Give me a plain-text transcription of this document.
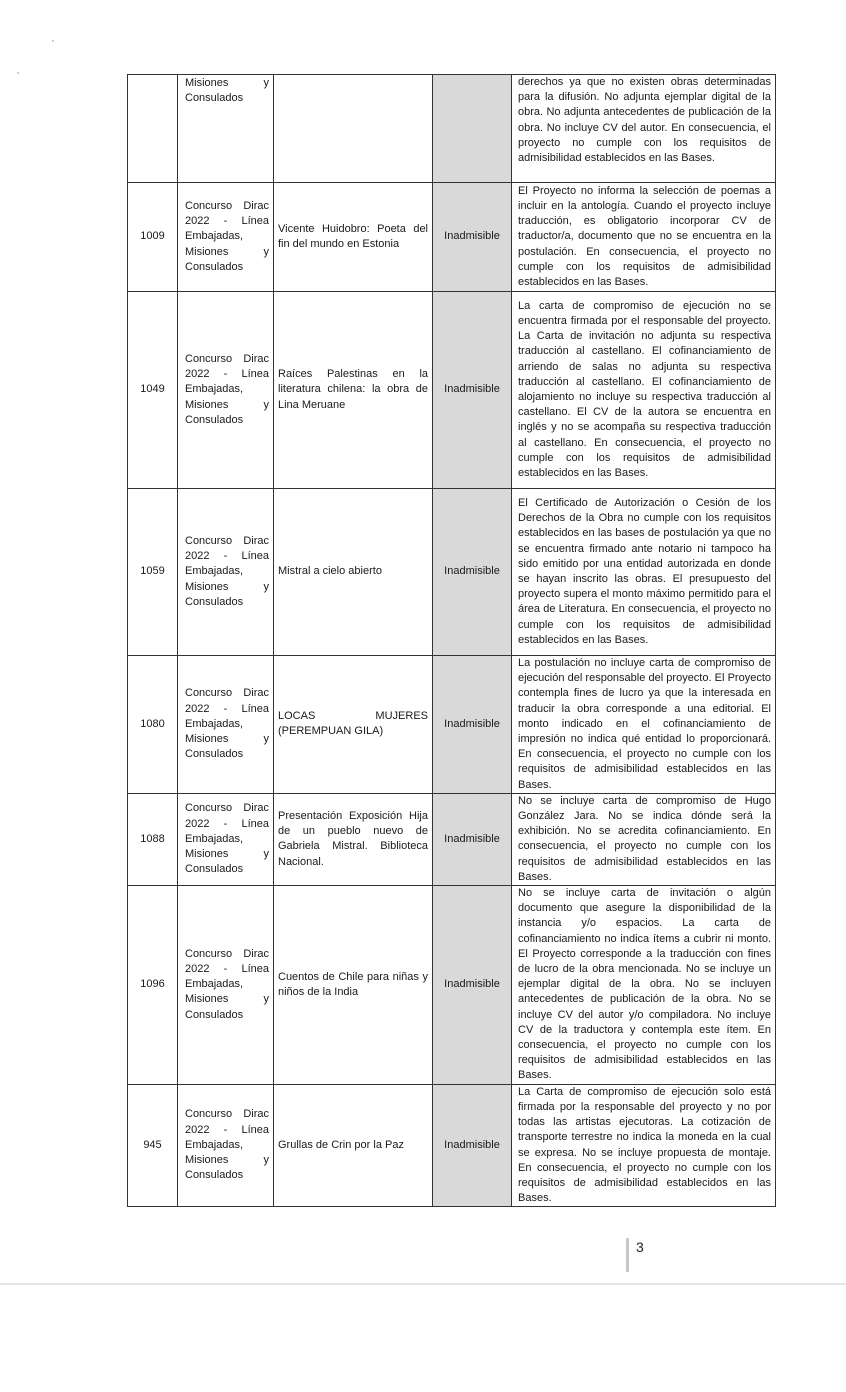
	Misiones y Consulados			derechos ya que no existen obras determinadas para la difusión. No adjunta ejemplar digital de la obra. No adjunta antecedentes de publicación de la obra. No incluye CV del autor. En consecuencia, el proyecto no cumple con los requisitos de admisibilidad establecidos en las Bases.
1009	Concurso Dirac 2022 - Línea Embajadas, Misiones y Consulados	Vicente Huidobro: Poeta del fin del mundo en Estonia	Inadmisible	El Proyecto no informa la selección de poemas a incluir en la antología. Cuando el proyecto incluye traducción, es obligatorio incorporar CV de traductor/a, documento que no se encuentra en la postulación. En consecuencia, el proyecto no cumple con los requisitos de admisibilidad establecidos en las Bases.
1049	Concurso Dirac 2022 - Línea Embajadas, Misiones y Consulados	Raíces Palestinas en la literatura chilena: la obra de Lina Meruane	Inadmisible	La carta de compromiso de ejecución no se encuentra firmada por el responsable del proyecto. La Carta de invitación no adjunta su respectiva traducción al castellano. El cofinanciamiento de arriendo de salas no adjunta su respectiva traducción al castellano. El cofinanciamiento de alojamiento no incluye su respectiva traducción al castellano. El CV de la autora se encuentra en inglés y no se acompaña su respectiva traducción al castellano. En consecuencia, el proyecto no cumple con los requisitos de admisibilidad establecidos en las Bases.
1059	Concurso Dirac 2022 - Línea Embajadas, Misiones y Consulados	Mistral a cielo abierto	Inadmisible	El Certificado de Autorización o Cesión de los Derechos de la Obra no cumple con los requisitos establecidos en las bases de postulación ya que no se encuentra firmado ante notario ni tampoco ha sido emitido por una entidad autorizada en donde se hayan inscrito las obras. El presupuesto del proyecto supera el monto máximo permitido para el área de Literatura. En consecuencia, el proyecto no cumple con los requisitos de admisibilidad establecidos en las Bases.
1080	Concurso Dirac 2022 - Línea Embajadas, Misiones y Consulados	LOCAS MUJERES (PEREMPUAN GILA)	Inadmisible	La postulación no incluye carta de compromiso de ejecución del responsable del proyecto. El Proyecto contempla fines de lucro ya que la interesada en traducir la obra corresponde a una editorial. El monto indicado en el cofinanciamiento de impresión no indica qué entidad lo proporcionará. En consecuencia, el proyecto no cumple con los requisitos de admisibilidad establecidos en las Bases.
1088	Concurso Dirac 2022 - Línea Embajadas, Misiones y Consulados	Presentación Exposición Hija de un pueblo nuevo de Gabriela Mistral. Biblioteca Nacional.	Inadmisible	No se incluye carta de compromiso de Hugo González Jara. No se indica dónde será la exhibición. No se acredita cofinanciamiento. En consecuencia, el proyecto no cumple con los requisitos de admisibilidad establecidos en las Bases.
1096	Concurso Dirac 2022 - Línea Embajadas, Misiones y Consulados	Cuentos de Chile para niñas y niños de la India	Inadmisible	No se incluye carta de invitación o algún documento que asegure la disponibilidad de la instancia y/o espacios. La carta de cofinanciamiento no indica ítems a cubrir ni monto. El Proyecto corresponde a la traducción con fines de lucro de la obra mencionada. No se incluye un ejemplar digital de la obra. No se incluyen antecedentes de publicación de la obra. No se incluye CV del autor y/o compiladora. No incluye CV de la traductora y contempla este ítem. En consecuencia, el proyecto no cumple con los requisitos de admisibilidad establecidos en las Bases.
945	Concurso Dirac 2022 - Línea Embajadas, Misiones y Consulados	Grullas de Crin por la Paz	Inadmisible	La Carta de compromiso de ejecución solo está firmada por la responsable del proyecto y no por todas las artistas ejecutoras. La cotización de transporte terrestre no indica la moneda en la cual se expresa. No se incluye propuesta de montaje. En consecuencia, el proyecto no cumple con los requisitos de admisibilidad establecidos en las Bases.
3
